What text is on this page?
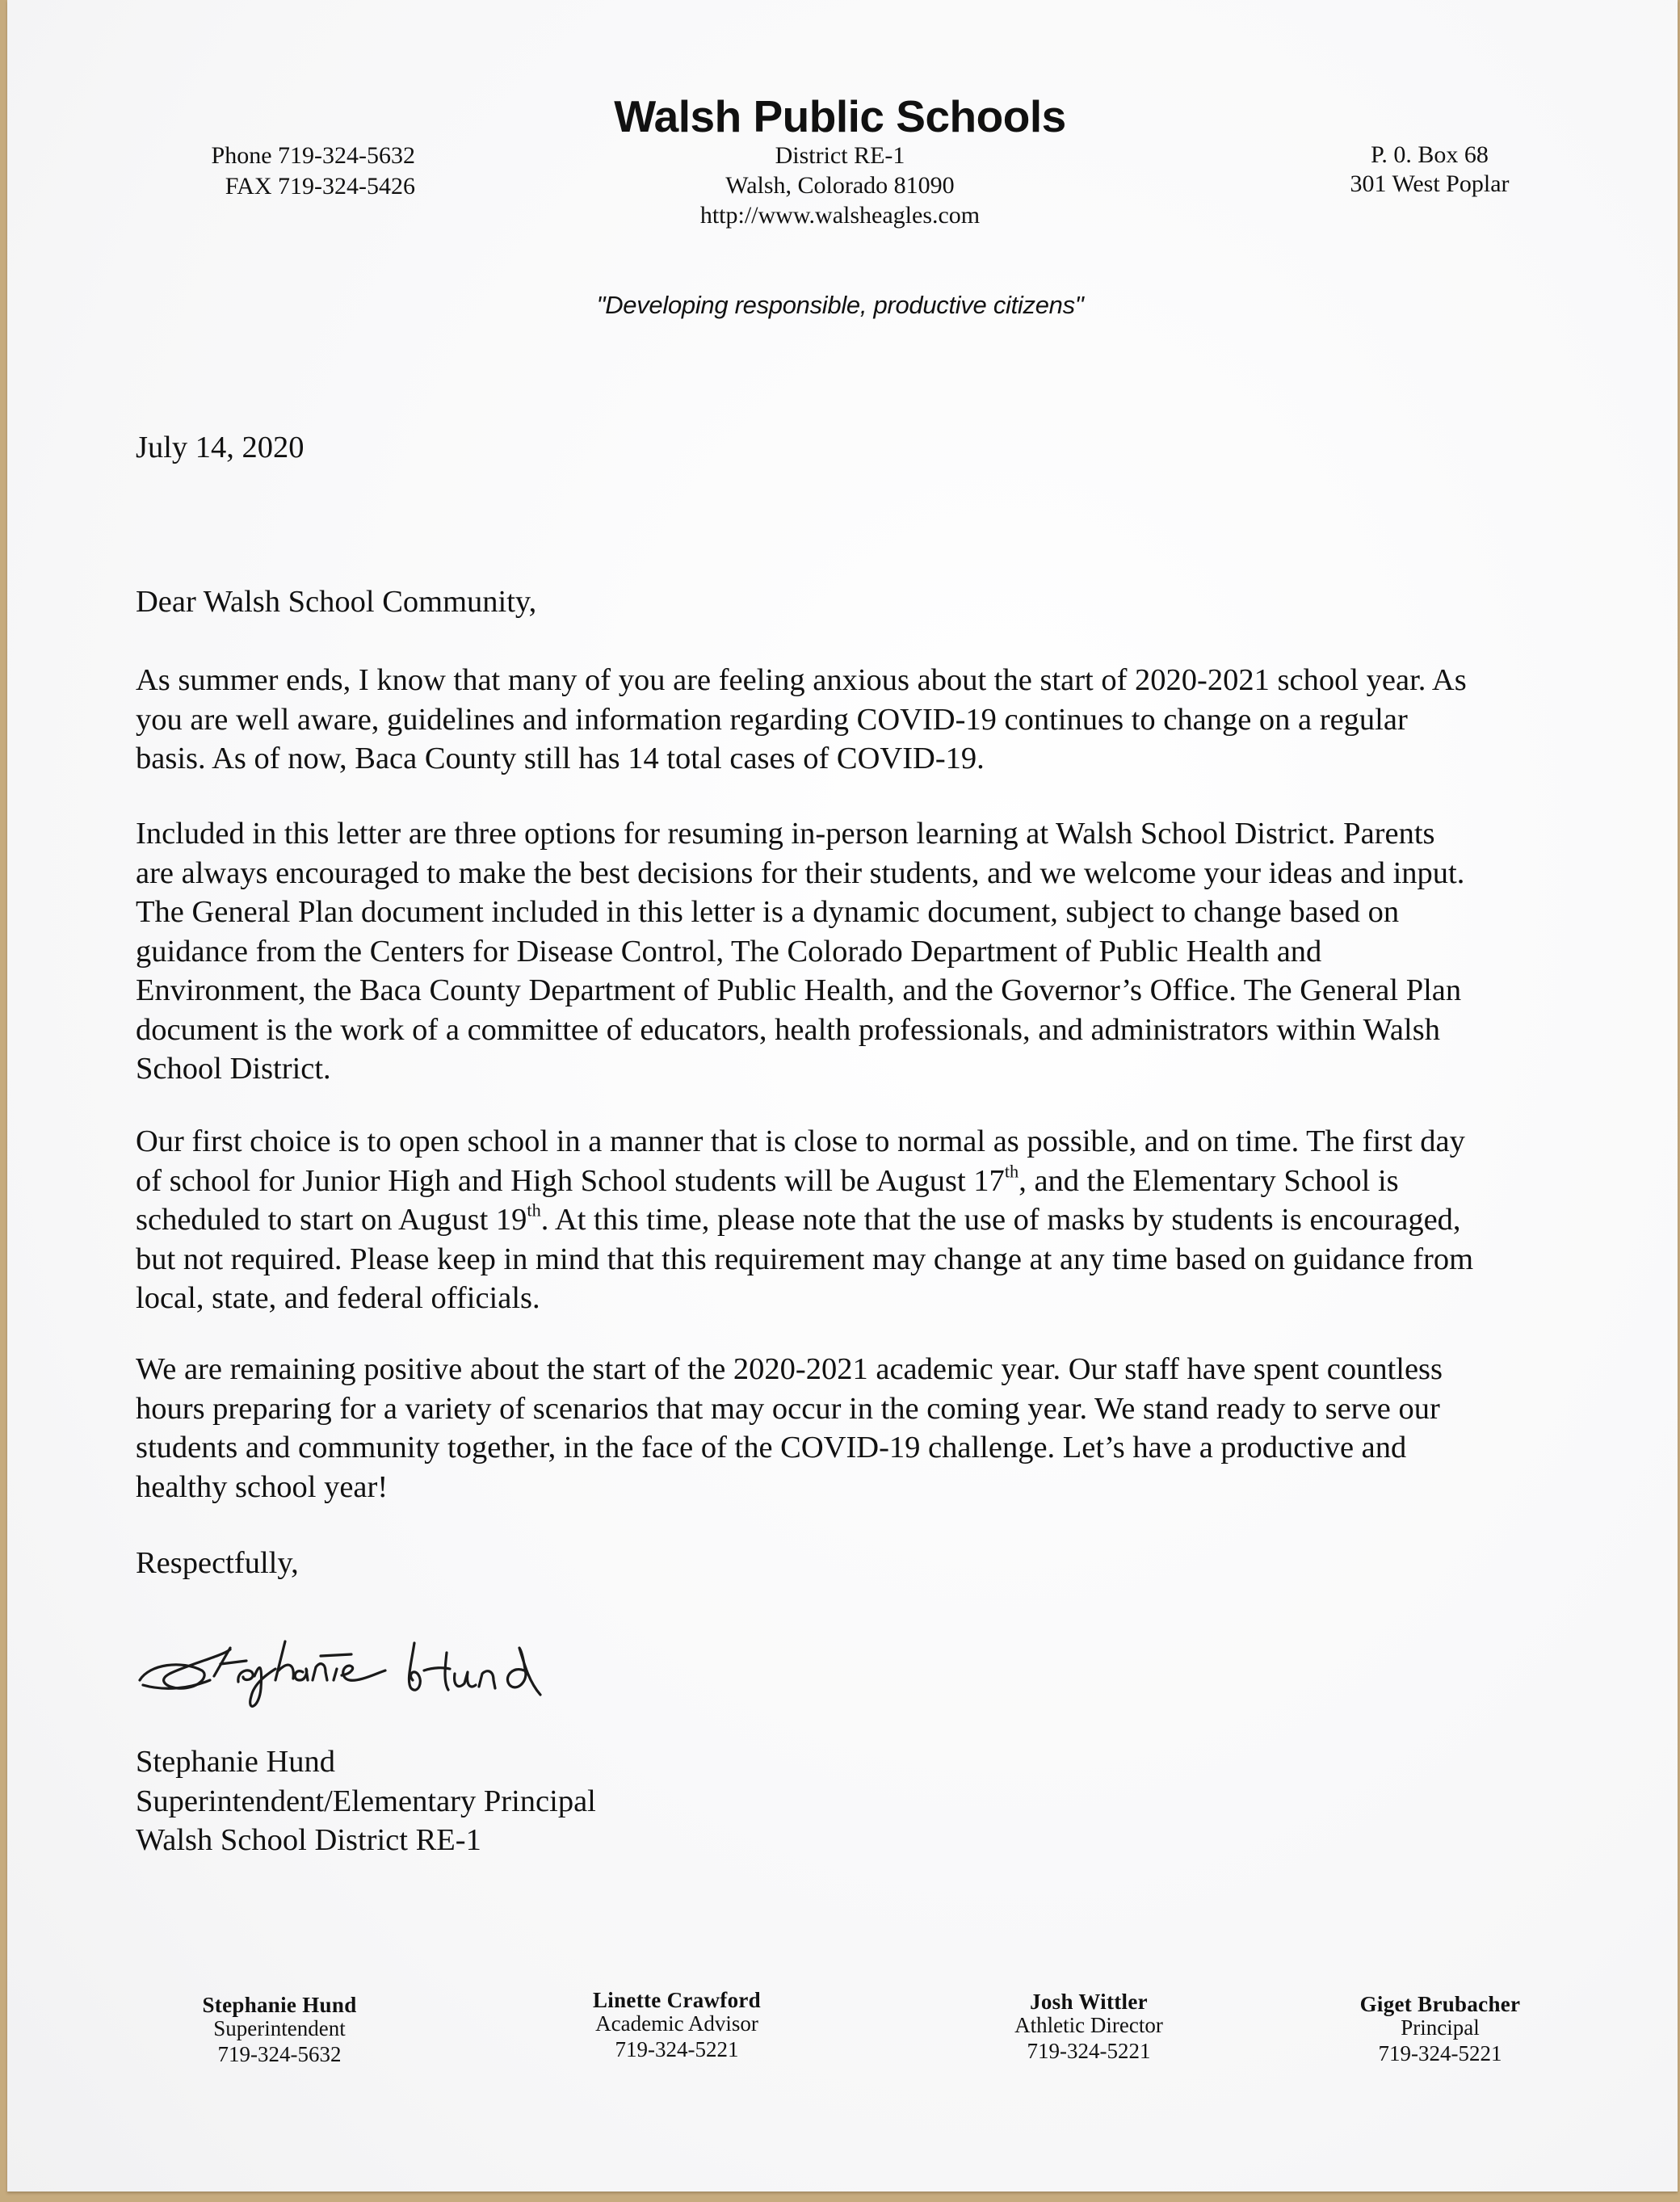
Walsh Public Schools
District RE-1
Walsh, Colorado 81090
http://www.walsheagles.com
Phone 719-324-5632
FAX 719-324-5426
P. 0. Box 68
301 West Poplar
"Developing responsible, productive citizens"
July 14, 2020
Dear Walsh School Community,
As summer ends, I know that many of you are feeling anxious about the start of 2020-2021 school year. As
you are well aware, guidelines and information regarding COVID-19 continues to change on a regular
basis. As of now, Baca County still has 14 total cases of COVID-19.
Included in this letter are three options for resuming in-person learning at Walsh School District. Parents
are always encouraged to make the best decisions for their students, and we welcome your ideas and input.
The General Plan document included in this letter is a dynamic document, subject to change based on
guidance from the Centers for Disease Control, The Colorado Department of Public Health and
Environment, the Baca County Department of Public Health, and the Governor’s Office. The General Plan
document is the work of a committee of educators, health professionals, and administrators within Walsh
School District.
Our first choice is to open school in a manner that is close to normal as possible, and on time. The first day
of school for Junior High and High School students will be August 17th, and the Elementary School is
scheduled to start on August 19th. At this time, please note that the use of masks by students is encouraged,
but not required. Please keep in mind that this requirement may change at any time based on guidance from
local, state, and federal officials.
We are remaining positive about the start of the 2020-2021 academic year. Our staff have spent countless
hours preparing for a variety of scenarios that may occur in the coming year. We stand ready to serve our
students and community together, in the face of the COVID-19 challenge. Let’s have a productive and
healthy school year!
Respectfully,
Stephanie Hund
Superintendent/Elementary Principal
Walsh School District RE-1
Stephanie Hund
Superintendent
719-324-5632
Linette Crawford
Academic Advisor
719-324-5221
Josh Wittler
Athletic Director
719-324-5221
Giget Brubacher
Principal
719-324-5221
